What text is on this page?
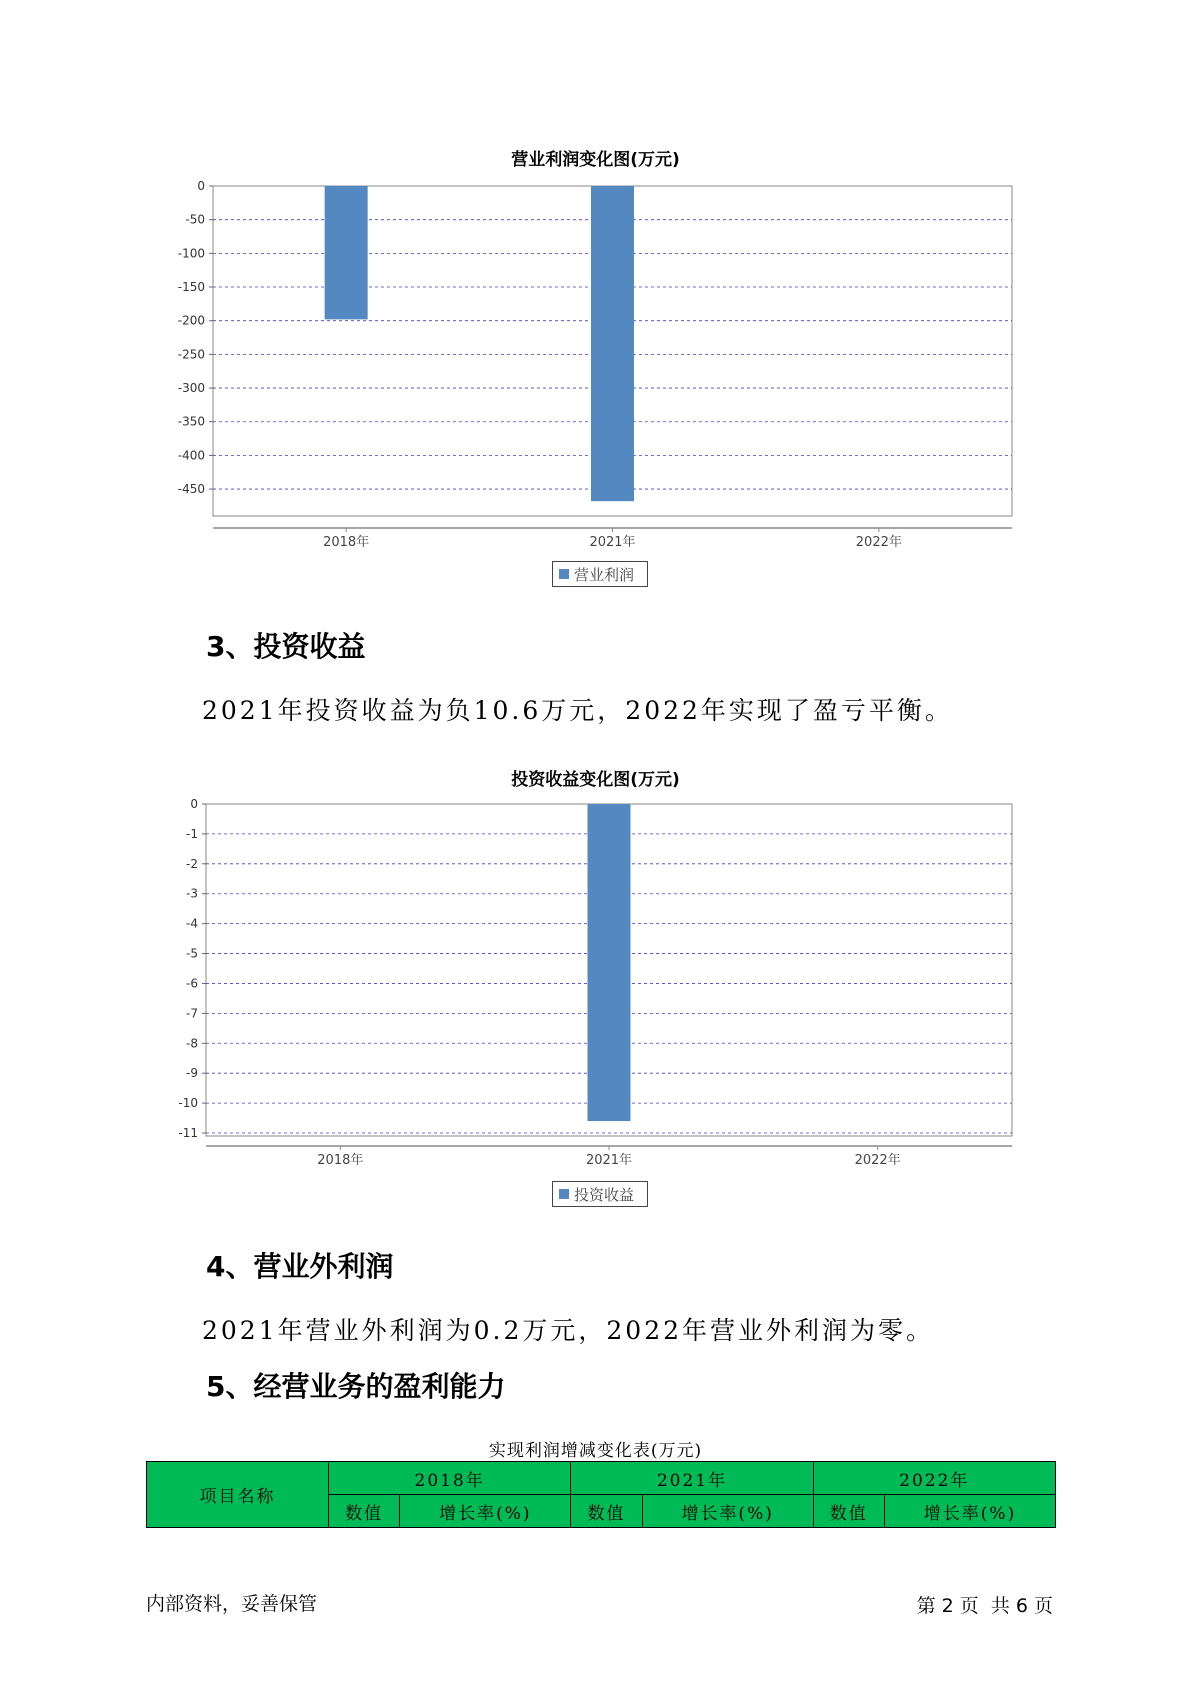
营业利润变化图(万元)
0
-50
-100
-150
-200
-250
-300
-350
-400
-450
2018年	2021年	2022年
营业利润
3、投资收益
2021年投资收益为负10.6万元，2022年实现了盈亏平衡。
投资收益变化图(万元)
0
-1
-2
-3
-4
-5
-6
-7
-8
-9
-10
-11
2018年	2021年	2022年
投资收益
4、营业外利润
2021年营业外利润为0.2万元，2022年营业外利润为零。
5、经营业务的盈利能力
实现利润增减变化表(万元)
项目名称	2018年		2021年		2022年	
	数值	增长率(%)	数值	增长率(%)	数值	增长率(%)
内部资料，妥善保管	第 2 页  共 6 页
